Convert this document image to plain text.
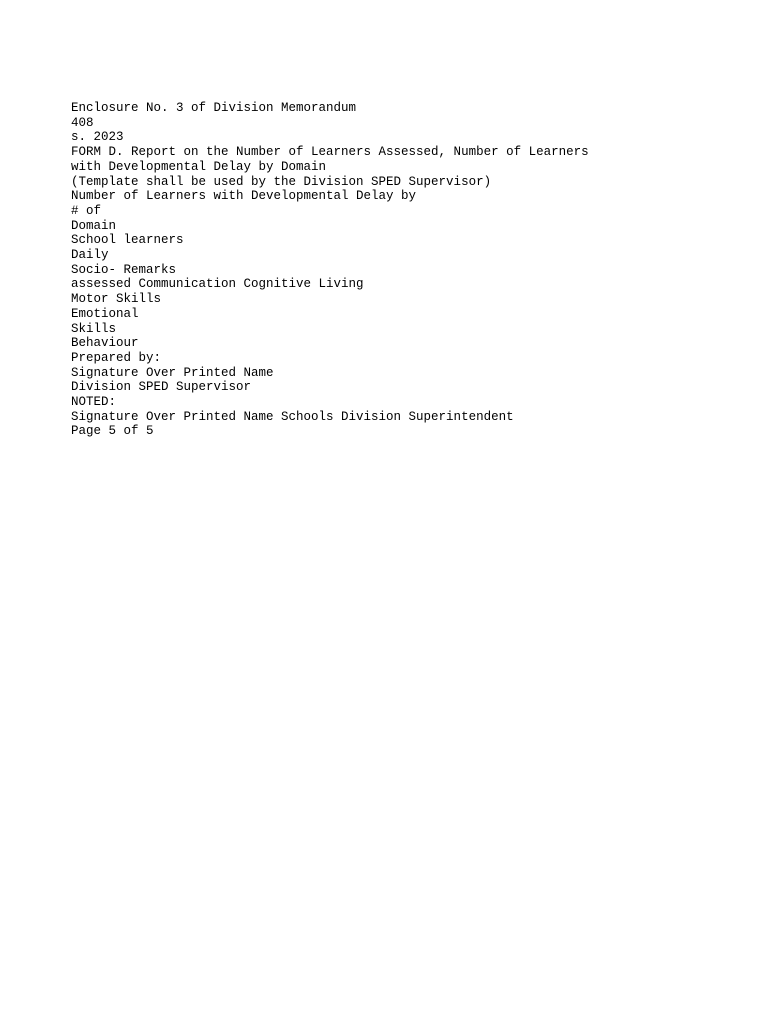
Enclosure No. 3 of Division Memorandum
408
s. 2023
FORM D. Report on the Number of Learners Assessed, Number of Learners
with Developmental Delay by Domain
(Template shall be used by the Division SPED Supervisor)
Number of Learners with Developmental Delay by
# of
Domain
School learners
Daily
Socio- Remarks
assessed Communication Cognitive Living
Motor Skills
Emotional
Skills
Behaviour
Prepared by:
Signature Over Printed Name
Division SPED Supervisor
NOTED:
Signature Over Printed Name Schools Division Superintendent
Page 5 of 5
